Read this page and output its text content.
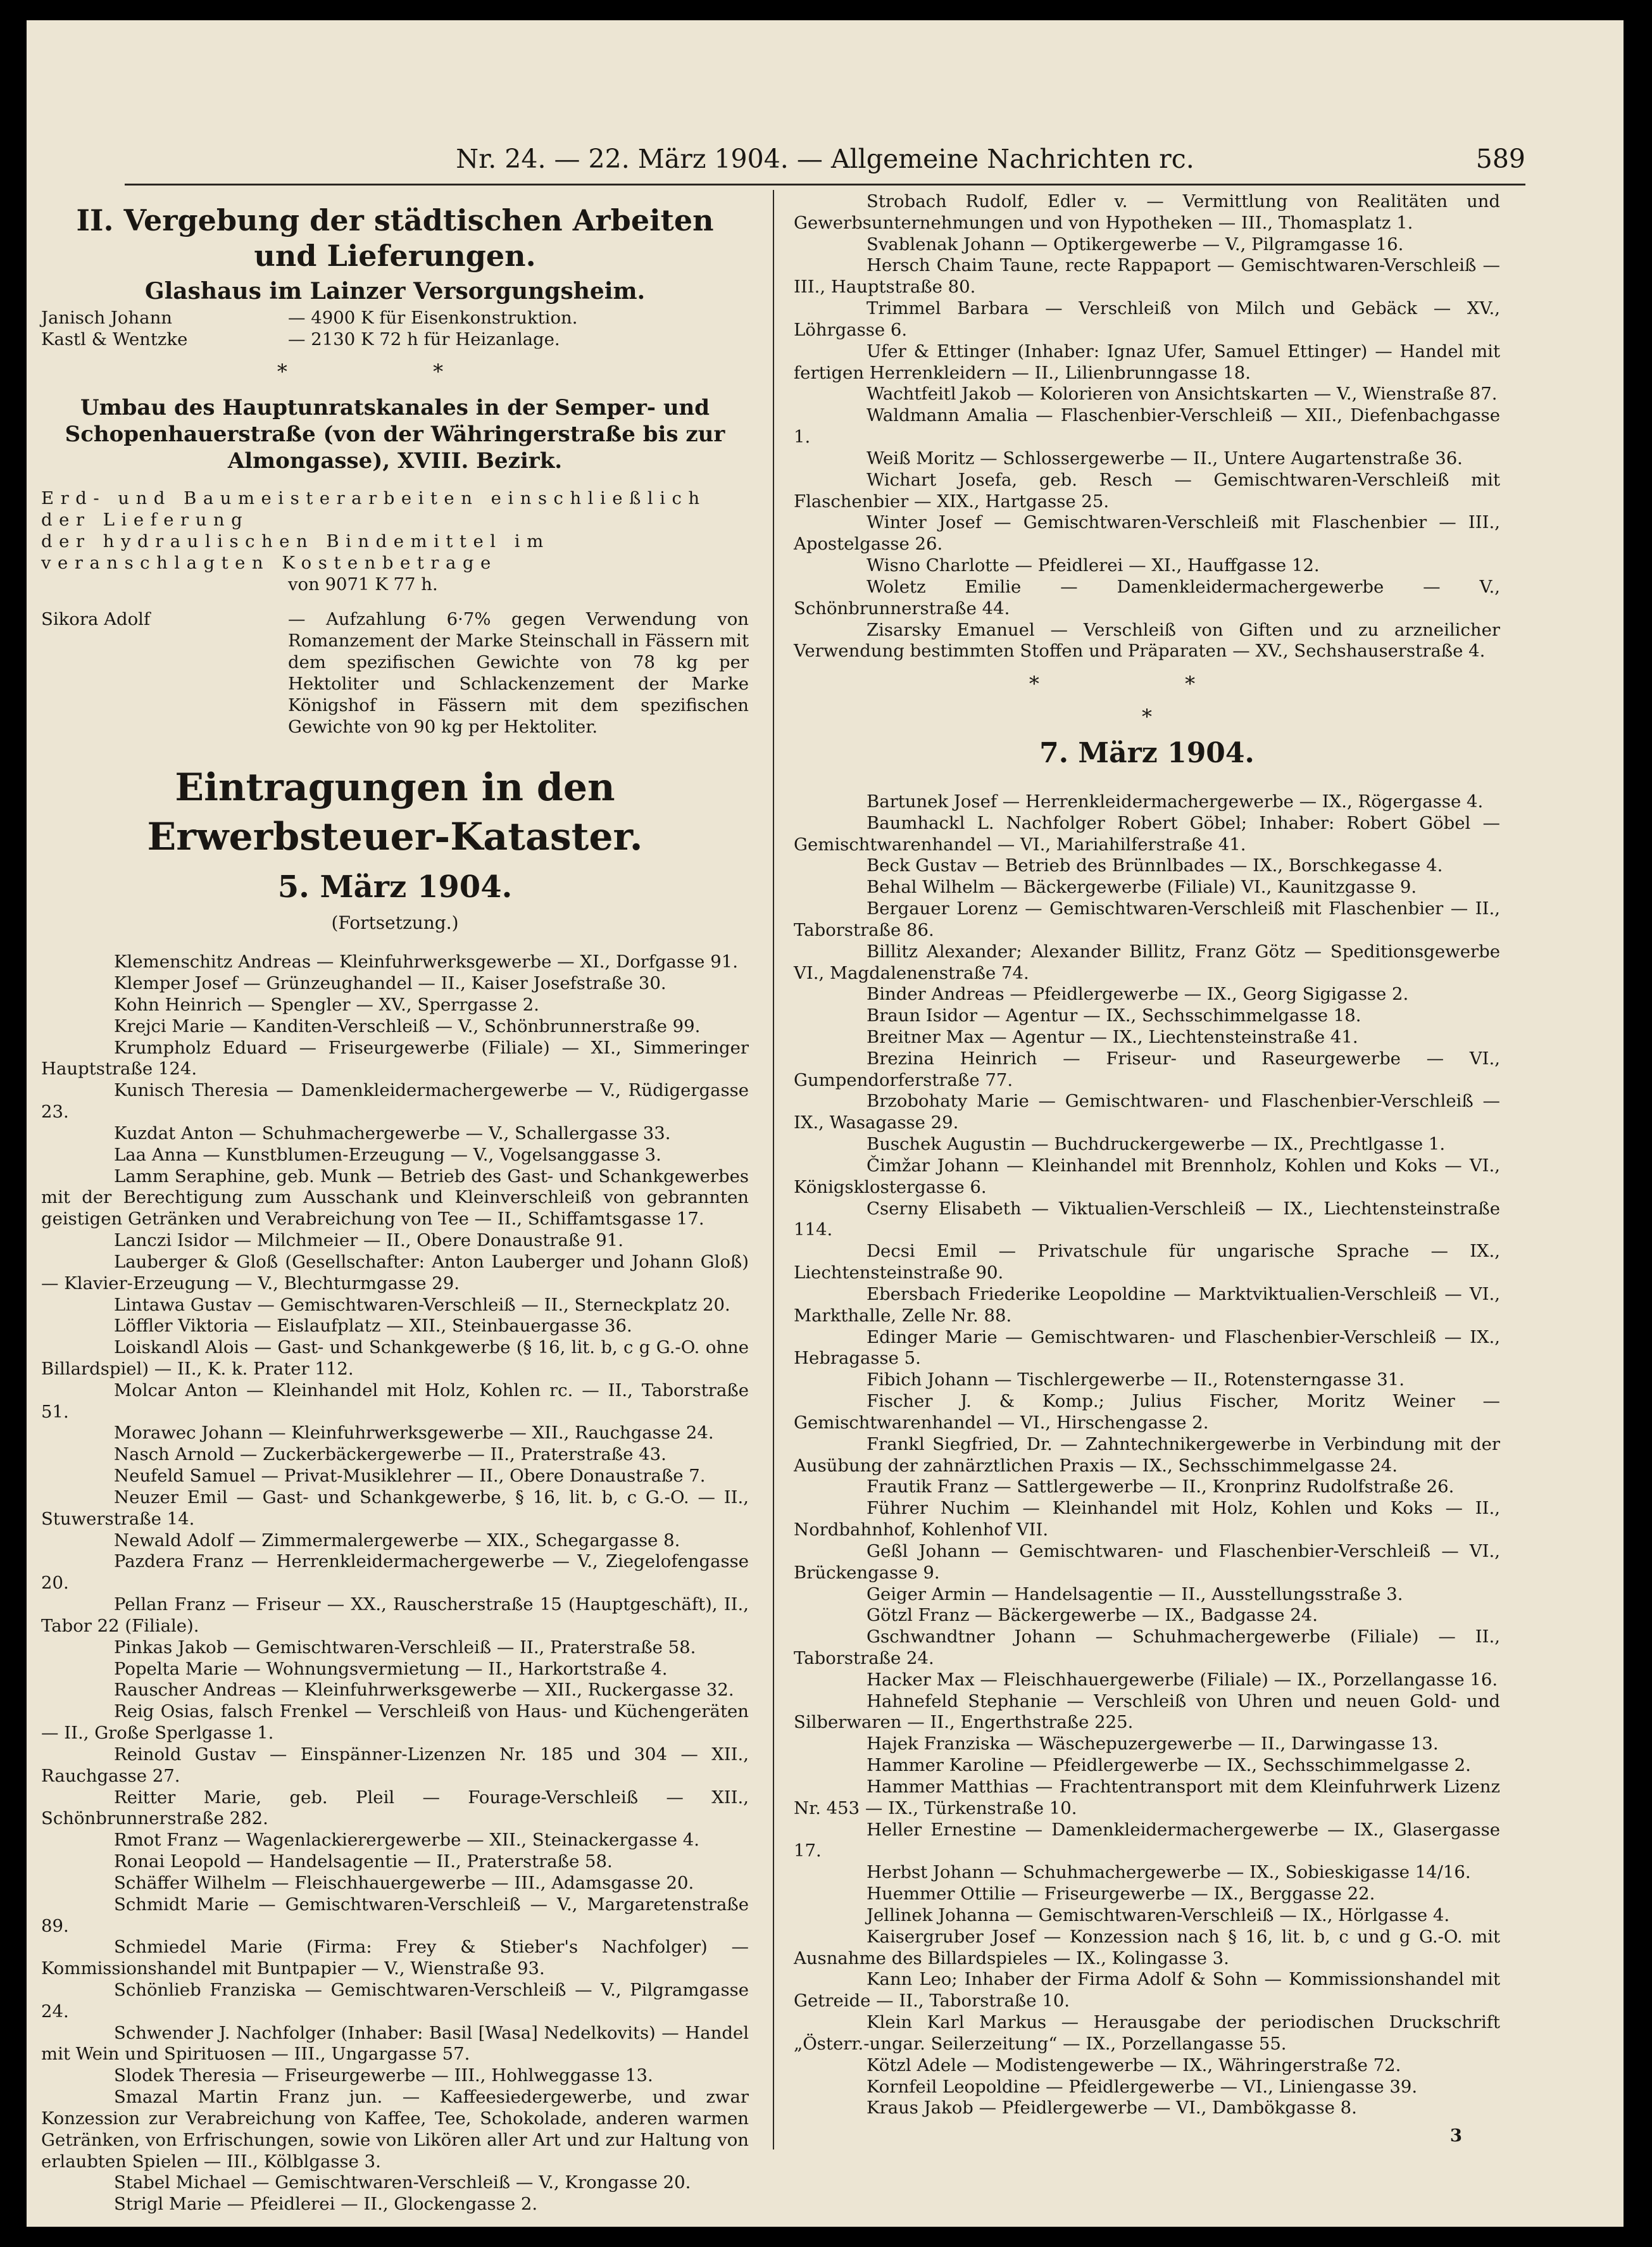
Nr. 24. — 22. März 1904. — Allgemeine Nachrichten rc.	589

II. Vergebung der städtischen Arbeiten und Lieferungen.

Glashaus im Lainzer Versorgungsheim.

Janisch Johann	— 4900 K für Eisenkonstruktion.
Kastl & Wentzke	— 2130 K 72 h für Heizanlage.

* *

Umbau des Hauptunratskanales in der Semper- und Schopenhauerstraße (von der Währingerstraße bis zur Almongasse), XVIII. Bezirk.

Erd- und Baumeisterarbeiten einschließlich der Lieferung

der hydraulischen Bindemittel im veranschlagten Kostenbetrage

von 9071 K 77 h.

Sikora Adolf	— Aufzahlung 6·7% gegen Verwendung von Romanzement der Marke Steinschall in Fässern mit dem spezifischen Gewichte von 78 kg per Hektoliter und Schlackenzement der Marke Königshof in Fässern mit dem spezifischen Gewichte von 90 kg per Hektoliter.

Eintragungen in den Erwerbsteuer-Kataster.

5. März 1904.

(Fortsetzung.)

Klemenschitz Andreas — Kleinfuhrwerksgewerbe — XI., Dorfgasse 91.

Klemper Josef — Grünzeughandel — II., Kaiser Josefstraße 30.

Kohn Heinrich — Spengler — XV., Sperrgasse 2.

Krejci Marie — Kanditen-Verschleiß — V., Schönbrunnerstraße 99.

Krumpholz Eduard — Friseurgewerbe (Filiale) — XI., Simmeringer Hauptstraße 124.

Kunisch Theresia — Damenkleidermachergewerbe — V., Rüdigergasse 23.

Kuzdat Anton — Schuhmachergewerbe — V., Schallergasse 33.

Laa Anna — Kunstblumen-Erzeugung — V., Vogelsanggasse 3.

Lamm Seraphine, geb. Munk — Betrieb des Gast- und Schankgewerbes mit der Berechtigung zum Ausschank und Kleinverschleiß von gebrannten geistigen Getränken und Verabreichung von Tee — II., Schiffamtsgasse 17.

Lanczi Isidor — Milchmeier — II., Obere Donaustraße 91.

Lauberger & Gloß (Gesellschafter: Anton Lauberger und Johann Gloß) — Klavier-Erzeugung — V., Blechturmgasse 29.

Lintawa Gustav — Gemischtwaren-Verschleiß — II., Sterneckplatz 20.

Löffler Viktoria — Eislaufplatz — XII., Steinbauergasse 36.

Loiskandl Alois — Gast- und Schankgewerbe (§ 16, lit. b, c g G.-O. ohne Billardspiel) — II., K. k. Prater 112.

Molcar Anton — Kleinhandel mit Holz, Kohlen rc. — II., Taborstraße 51.

Morawec Johann — Kleinfuhrwerksgewerbe — XII., Rauchgasse 24.

Nasch Arnold — Zuckerbäckergewerbe — II., Praterstraße 43.

Neufeld Samuel — Privat-Musiklehrer — II., Obere Donaustraße 7.

Neuzer Emil — Gast- und Schankgewerbe, § 16, lit. b, c G.-O. — II., Stuwerstraße 14.

Newald Adolf — Zimmermalergewerbe — XIX., Schegargasse 8.

Pazdera Franz — Herrenkleidermachergewerbe — V., Ziegelofengasse 20.

Pellan Franz — Friseur — XX., Rauscherstraße 15 (Hauptgeschäft), II., Tabor 22 (Filiale).

Pinkas Jakob — Gemischtwaren-Verschleiß — II., Praterstraße 58.

Popelta Marie — Wohnungsvermietung — II., Harkortstraße 4.

Rauscher Andreas — Kleinfuhrwerksgewerbe — XII., Ruckergasse 32.

Reig Osias, falsch Frenkel — Verschleiß von Haus- und Küchengeräten — II., Große Sperlgasse 1.

Reinold Gustav — Einspänner-Lizenzen Nr. 185 und 304 — XII., Rauchgasse 27.

Reitter Marie, geb. Pleil — Fourage-Verschleiß — XII., Schönbrunnerstraße 282.

Rmot Franz — Wagenlackierergewerbe — XII., Steinackergasse 4.

Ronai Leopold — Handelsagentie — II., Praterstraße 58.

Schäffer Wilhelm — Fleischhauergewerbe — III., Adamsgasse 20.

Schmidt Marie — Gemischtwaren-Verschleiß — V., Margaretenstraße 89.

Schmiedel Marie (Firma: Frey & Stieber's Nachfolger) — Kommissionshandel mit Buntpapier — V., Wienstraße 93.

Schönlieb Franziska — Gemischtwaren-Verschleiß — V., Pilgramgasse 24.

Schwender J. Nachfolger (Inhaber: Basil [Wasa] Nedelkovits) — Handel mit Wein und Spirituosen — III., Ungargasse 57.

Slodek Theresia — Friseurgewerbe — III., Hohlweggasse 13.

Smazal Martin Franz jun. — Kaffeesiedergewerbe, und zwar Konzession zur Verabreichung von Kaffee, Tee, Schokolade, anderen warmen Getränken, von Erfrischungen, sowie von Likören aller Art und zur Haltung von erlaubten Spielen — III., Kölblgasse 3.

Stabel Michael — Gemischtwaren-Verschleiß — V., Krongasse 20.

Strigl Marie — Pfeidlerei — II., Glockengasse 2.

Strobach Rudolf, Edler v. — Vermittlung von Realitäten und Gewerbsunternehmungen und von Hypotheken — III., Thomasplatz 1.

Svablenak Johann — Optikergewerbe — V., Pilgramgasse 16.

Hersch Chaim Taune, recte Rappaport — Gemischtwaren-Verschleiß — III., Hauptstraße 80.

Trimmel Barbara — Verschleiß von Milch und Gebäck — XV., Löhrgasse 6.

Ufer & Ettinger (Inhaber: Ignaz Ufer, Samuel Ettinger) — Handel mit fertigen Herrenkleidern — II., Lilienbrunngasse 18.

Wachtfeitl Jakob — Kolorieren von Ansichtskarten — V., Wienstraße 87.

Waldmann Amalia — Flaschenbier-Verschleiß — XII., Diefenbachgasse 1.

Weiß Moritz — Schlossergewerbe — II., Untere Augartenstraße 36.

Wichart Josefa, geb. Resch — Gemischtwaren-Verschleiß mit Flaschenbier — XIX., Hartgasse 25.

Winter Josef — Gemischtwaren-Verschleiß mit Flaschenbier — III., Apostelgasse 26.

Wisno Charlotte — Pfeidlerei — XI., Hauffgasse 12.

Woletz Emilie — Damenkleidermachergewerbe — V., Schönbrunnerstraße 44.

Zisarsky Emanuel — Verschleiß von Giften und zu arzneilicher Verwendung bestimmten Stoffen und Präparaten — XV., Sechshauserstraße 4.

* *

*

7. März 1904.

Bartunek Josef — Herrenkleidermachergewerbe — IX., Rögergasse 4.

Baumhackl L. Nachfolger Robert Göbel; Inhaber: Robert Göbel — Gemischtwarenhandel — VI., Mariahilferstraße 41.

Beck Gustav — Betrieb des Brünnlbades — IX., Borschkegasse 4.

Behal Wilhelm — Bäckergewerbe (Filiale) VI., Kaunitzgasse 9.

Bergauer Lorenz — Gemischtwaren-Verschleiß mit Flaschenbier — II., Taborstraße 86.

Billitz Alexander; Alexander Billitz, Franz Götz — Speditionsgewerbe VI., Magdalenenstraße 74.

Binder Andreas — Pfeidlergewerbe — IX., Georg Sigigasse 2.

Braun Isidor — Agentur — IX., Sechsschimmelgasse 18.

Breitner Max — Agentur — IX., Liechtensteinstraße 41.

Brezina Heinrich — Friseur- und Raseurgewerbe — VI., Gumpendorferstraße 77.

Brzobohaty Marie — Gemischtwaren- und Flaschenbier-Verschleiß — IX., Wasagasse 29.

Buschek Augustin — Buchdruckergewerbe — IX., Prechtlgasse 1.

Čimžar Johann — Kleinhandel mit Brennholz, Kohlen und Koks — VI., Königsklostergasse 6.

Cserny Elisabeth — Viktualien-Verschleiß — IX., Liechtensteinstraße 114.

Decsi Emil — Privatschule für ungarische Sprache — IX., Liechtensteinstraße 90.

Ebersbach Friederike Leopoldine — Marktviktualien-Verschleiß — VI., Markthalle, Zelle Nr. 88.

Edinger Marie — Gemischtwaren- und Flaschenbier-Verschleiß — IX., Hebragasse 5.

Fibich Johann — Tischlergewerbe — II., Rotensterngasse 31.

Fischer J. & Komp.; Julius Fischer, Moritz Weiner — Gemischtwarenhandel — VI., Hirschengasse 2.

Frankl Siegfried, Dr. — Zahntechnikergewerbe in Verbindung mit der Ausübung der zahnärztlichen Praxis — IX., Sechsschimmelgasse 24.

Frautik Franz — Sattlergewerbe — II., Kronprinz Rudolfstraße 26.

Führer Nuchim — Kleinhandel mit Holz, Kohlen und Koks — II., Nordbahnhof, Kohlenhof VII.

Geßl Johann — Gemischtwaren- und Flaschenbier-Verschleiß — VI., Brückengasse 9.

Geiger Armin — Handelsagentie — II., Ausstellungsstraße 3.

Götzl Franz — Bäckergewerbe — IX., Badgasse 24.

Gschwandtner Johann — Schuhmachergewerbe (Filiale) — II., Taborstraße 24.

Hacker Max — Fleischhauergewerbe (Filiale) — IX., Porzellangasse 16.

Hahnefeld Stephanie — Verschleiß von Uhren und neuen Gold- und Silberwaren — II., Engerthstraße 225.

Hajek Franziska — Wäschepuzergewerbe — II., Darwingasse 13.

Hammer Karoline — Pfeidlergewerbe — IX., Sechsschimmelgasse 2.

Hammer Matthias — Frachtentransport mit dem Kleinfuhrwerk Lizenz Nr. 453 — IX., Türkenstraße 10.

Heller Ernestine — Damenkleidermachergewerbe — IX., Glasergasse 17.

Herbst Johann — Schuhmachergewerbe — IX., Sobieskigasse 14/16.

Huemmer Ottilie — Friseurgewerbe — IX., Berggasse 22.

Jellinek Johanna — Gemischtwaren-Verschleiß — IX., Hörlgasse 4.

Kaisergruber Josef — Konzession nach § 16, lit. b, c und g G.-O. mit Ausnahme des Billardspieles — IX., Kolingasse 3.

Kann Leo; Inhaber der Firma Adolf & Sohn — Kommissionshandel mit Getreide — II., Taborstraße 10.

Klein Karl Markus — Herausgabe der periodischen Druckschrift „Österr.-ungar. Seilerzeitung“ — IX., Porzellangasse 55.

Kötzl Adele — Modistengewerbe — IX., Währingerstraße 72.

Kornfeil Leopoldine — Pfeidlergewerbe — VI., Liniengasse 39.

Kraus Jakob — Pfeidlergewerbe — VI., Dambökgasse 8.

3
